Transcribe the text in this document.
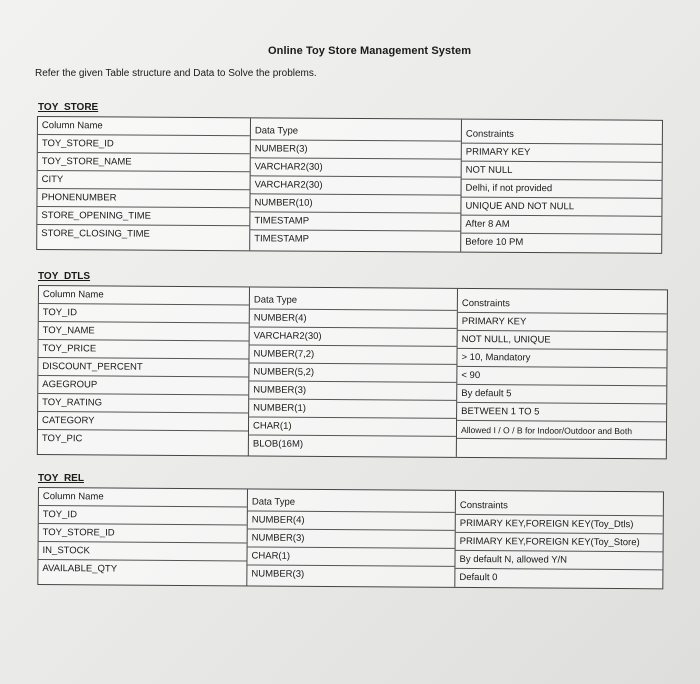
Online Toy Store Management System
Refer the given Table structure and Data to Solve the problems.
TOY_STORE
Column Name
TOY_STORE_ID
TOY_STORE_NAME
CITY
PHONENUMBER
STORE_OPENING_TIME
STORE_CLOSING_TIME
Data Type
NUMBER(3)
VARCHAR2(30)
VARCHAR2(30)
NUMBER(10)
TIMESTAMP
TIMESTAMP
Constraints
PRIMARY KEY
NOT NULL
Delhi, if not provided
UNIQUE AND NOT NULL
After 8 AM
Before 10 PM
TOY_DTLS
Column Name
TOY_ID
TOY_NAME
TOY_PRICE
DISCOUNT_PERCENT
AGEGROUP
TOY_RATING
CATEGORY
TOY_PIC
Data Type
NUMBER(4)
VARCHAR2(30)
NUMBER(7,2)
NUMBER(5,2)
NUMBER(3)
NUMBER(1)
CHAR(1)
BLOB(16M)
Constraints
PRIMARY KEY
NOT NULL, UNIQUE
> 10, Mandatory
< 90
By default 5
BETWEEN 1 TO 5
Allowed I / O / B for Indoor/Outdoor and Both
TOY_REL
Column Name
TOY_ID
TOY_STORE_ID
IN_STOCK
AVAILABLE_QTY
Data Type
NUMBER(4)
NUMBER(3)
CHAR(1)
NUMBER(3)
Constraints
PRIMARY KEY,FOREIGN KEY(Toy_Dtls)
PRIMARY KEY,FOREIGN KEY(Toy_Store)
By default N, allowed Y/N
Default 0
